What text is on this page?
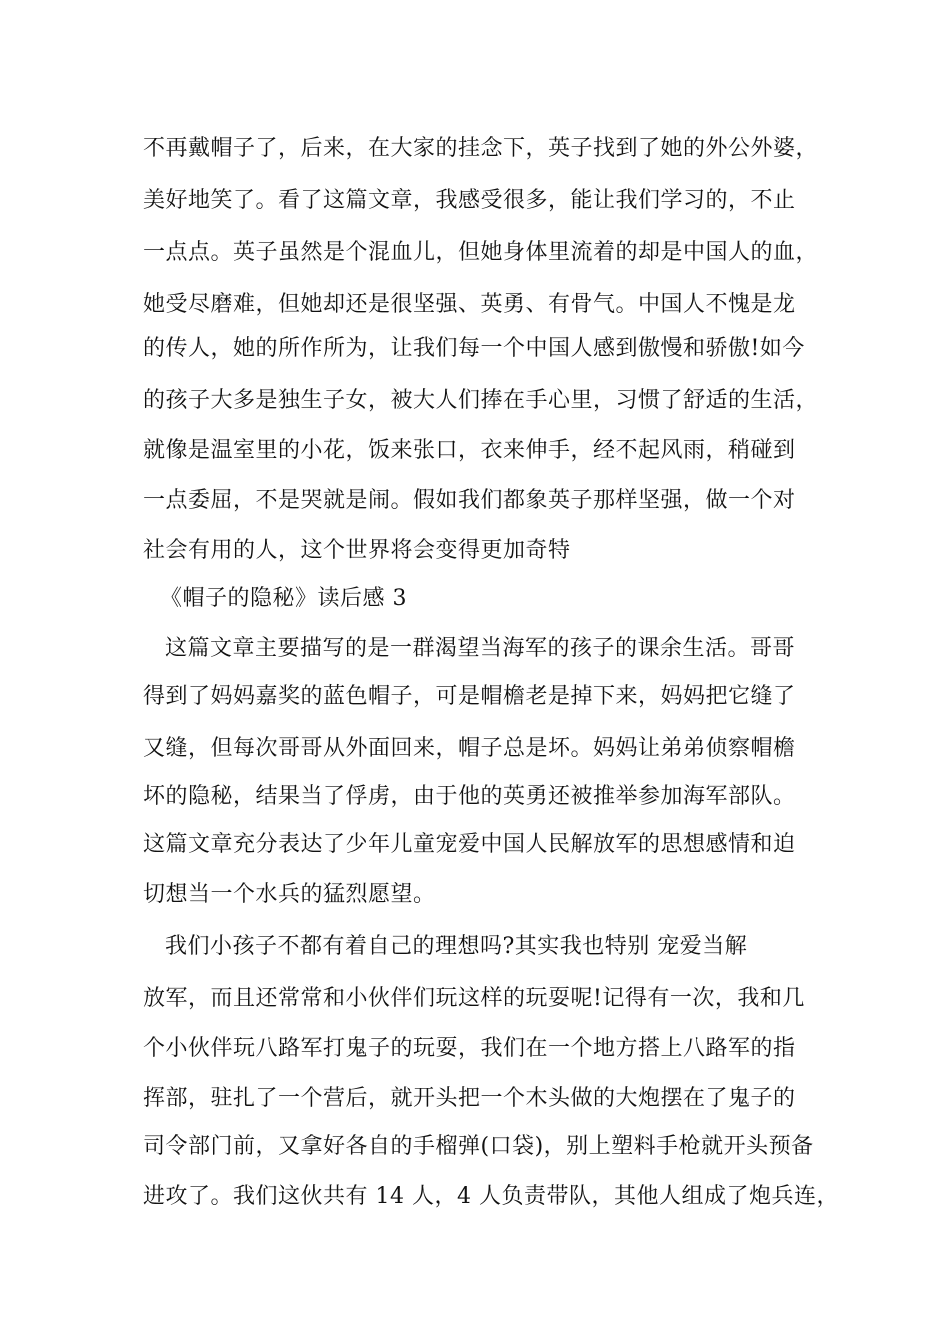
不再戴帽子了，后来，在大家的挂念下，英子找到了她的外公外婆，
美好地笑了。看了这篇文章，我感受很多，能让我们学习的，不止
一点点。英子虽然是个混血儿，但她身体里流着的却是中国人的血，
她受尽磨难，但她却还是很坚强、英勇、有骨气。中国人不愧是龙
的传人，她的所作所为，让我们每一个中国人感到傲慢和骄傲!如今
的孩子大多是独生子女，被大人们捧在手心里，习惯了舒适的生活，
就像是温室里的小花，饭来张口，衣来伸手，经不起风雨，稍碰到
一点委屈，不是哭就是闹。假如我们都象英子那样坚强，做一个对
社会有用的人，这个世界将会变得更加奇特
《帽子的隐秘》读后感 3
这篇文章主要描写的是一群渴望当海军的孩子的课余生活。哥哥
得到了妈妈嘉奖的蓝色帽子，可是帽檐老是掉下来，妈妈把它缝了
又缝，但每次哥哥从外面回来，帽子总是坏。妈妈让弟弟侦察帽檐
坏的隐秘，结果当了俘虏，由于他的英勇还被推举参加海军部队。
这篇文章充分表达了少年儿童宠爱中国人民解放军的思想感情和迫
切想当一个水兵的猛烈愿望。
我们小孩子不都有着自己的理想吗?其实我也特别 宠爱当解
放军，而且还常常和小伙伴们玩这样的玩耍呢!记得有一次，我和几
个小伙伴玩八路军打鬼子的玩耍，我们在一个地方搭上八路军的指
挥部，驻扎了一个营后，就开头把一个木头做的大炮摆在了鬼子的
司令部门前，又拿好各自的手榴弹(口袋)，别上塑料手枪就开头预备
进攻了。我们这伙共有 14 人，4 人负责带队，其他人组成了炮兵连，
